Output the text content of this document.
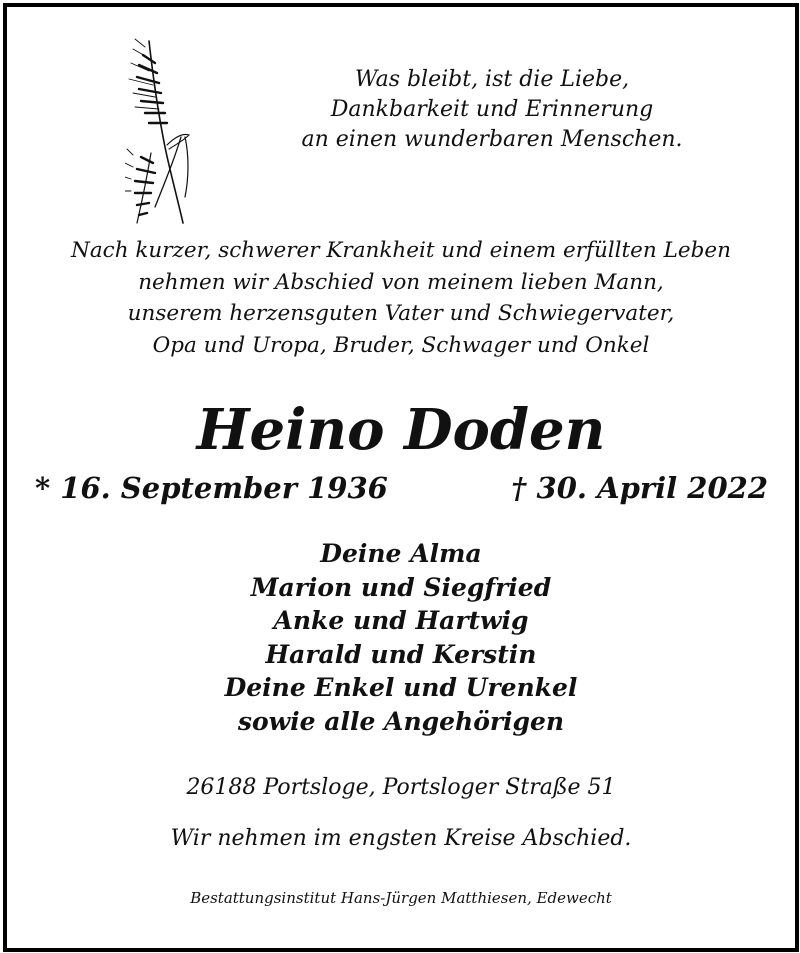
Was bleibt, ist die Liebe,
Dankbarkeit und Erinnerung
an einen wunderbaren Menschen.
Nach kurzer, schwerer Krankheit und einem erfüllten Leben
nehmen wir Abschied von meinem lieben Mann,
unserem herzensguten Vater und Schwiegervater,
Opa und Uropa, Bruder, Schwager und Onkel
Heino Doden
* 16. September 1936	† 30. April 2022
Deine Alma
Marion und Siegfried
Anke und Hartwig
Harald und Kerstin
Deine Enkel und Urenkel
sowie alle Angehörigen
26188 Portsloge, Portsloger Straße 51
Wir nehmen im engsten Kreise Abschied.
Bestattungsinstitut Hans-Jürgen Matthiesen, Edewecht
